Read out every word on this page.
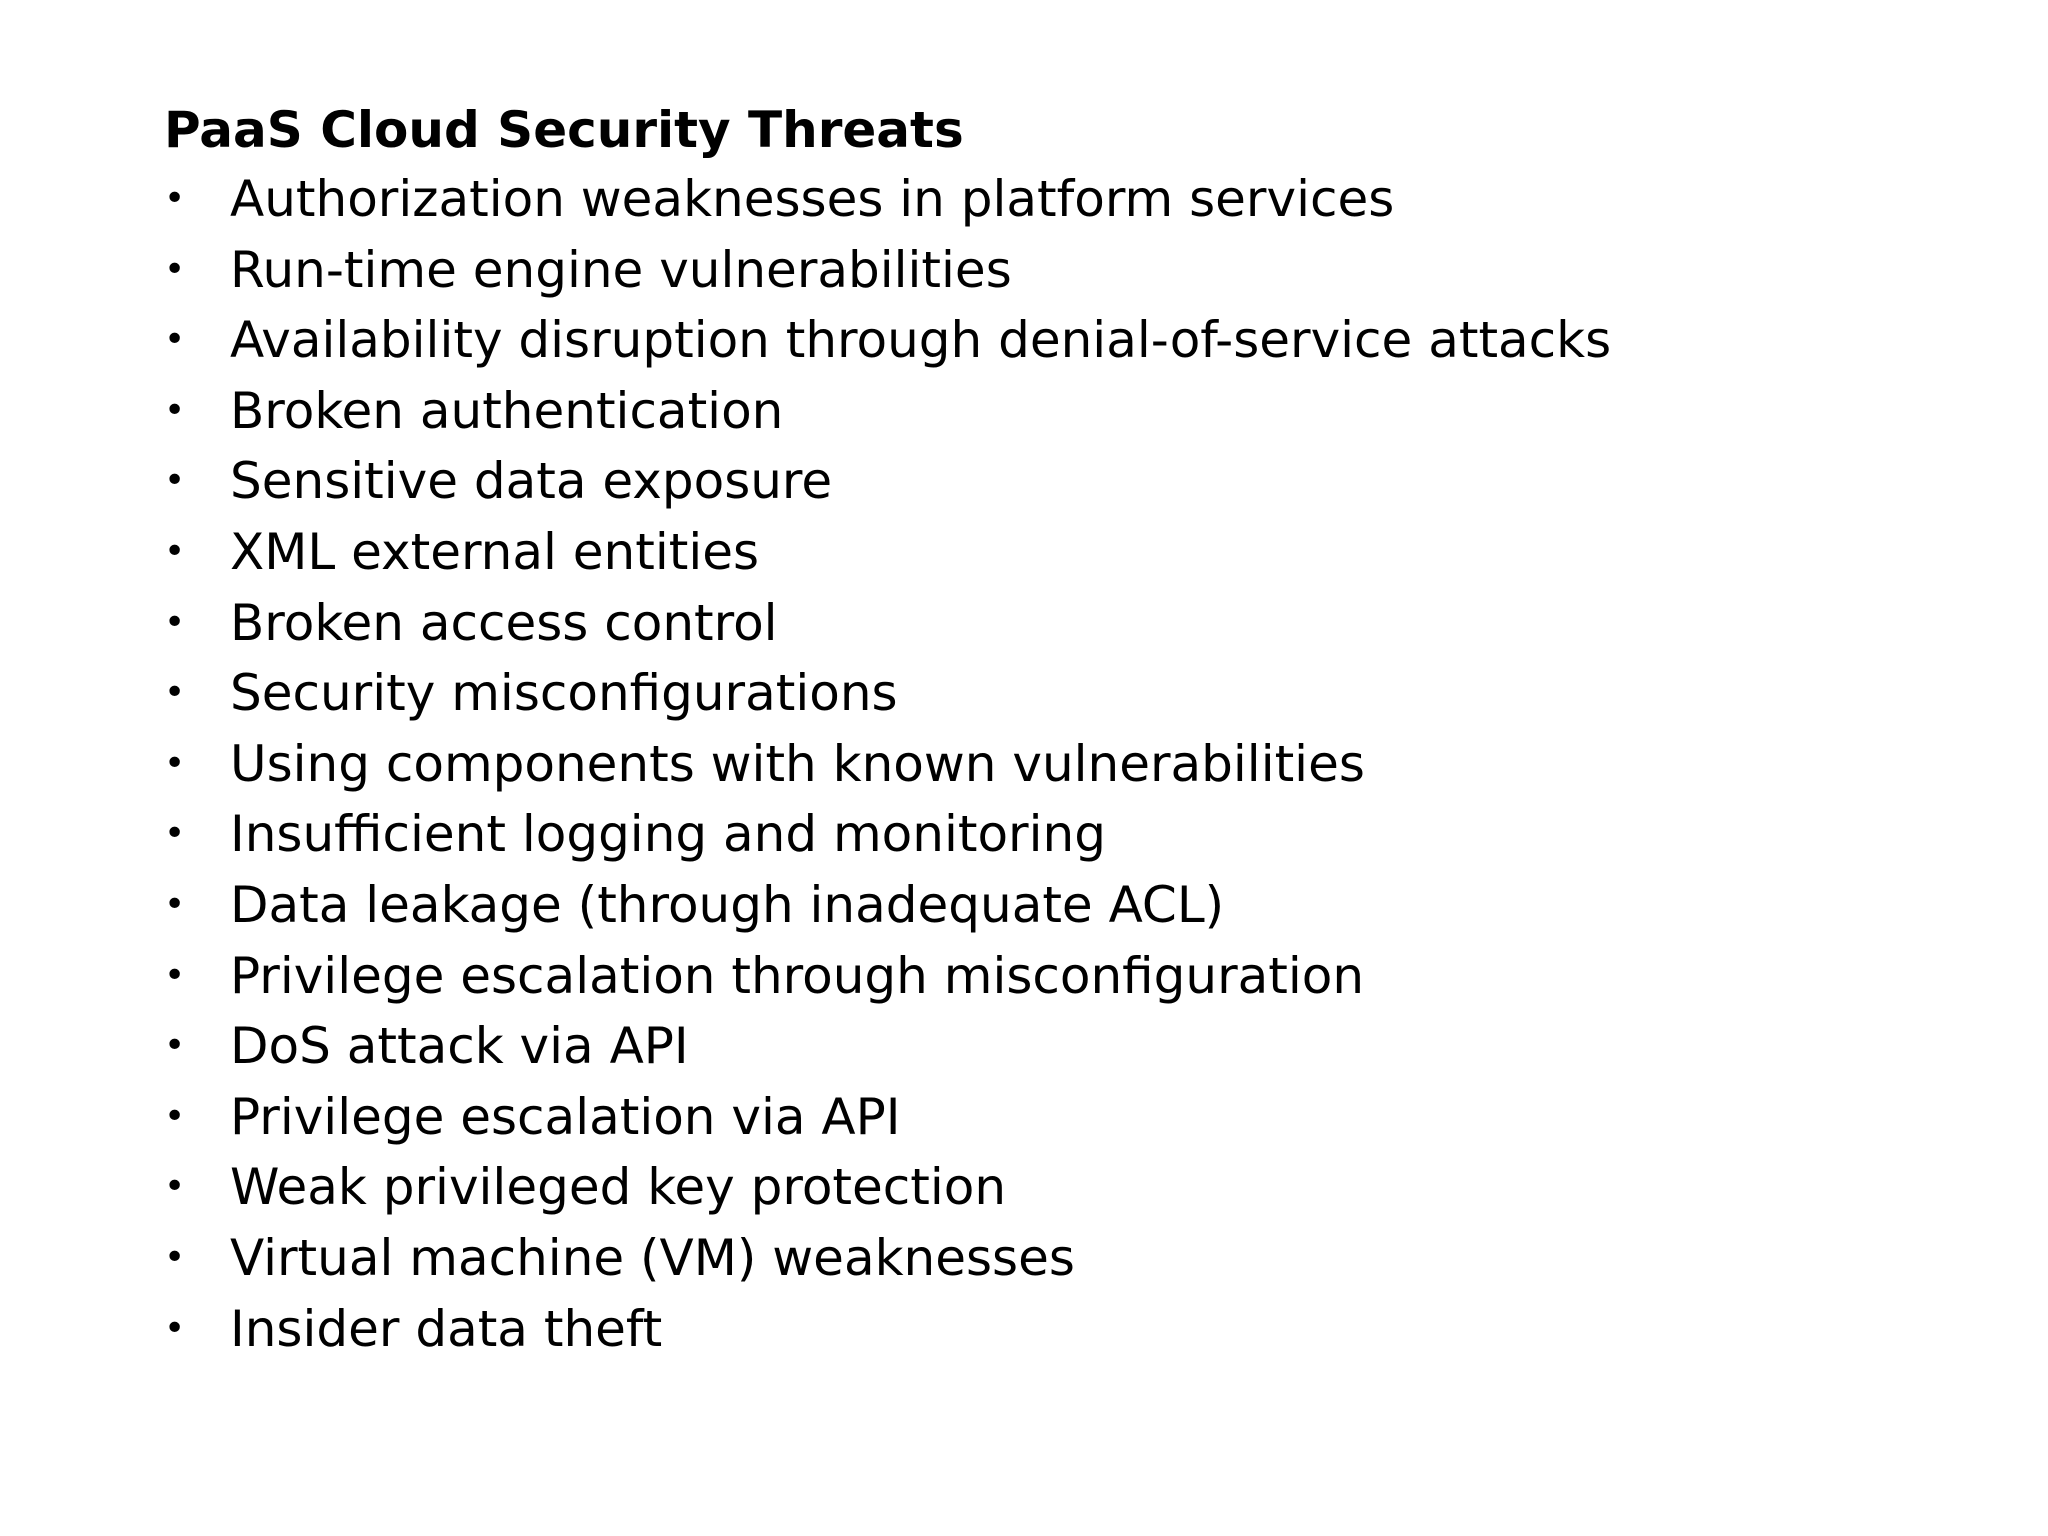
PaaS Cloud Security Threats
• Authorization weaknesses in platform services
• Run-time engine vulnerabilities
• Availability disruption through denial-of-service attacks
• Broken authentication
• Sensitive data exposure
• XML external entities
• Broken access control
• Security misconfigurations
• Using components with known vulnerabilities
• Insufficient logging and monitoring
• Data leakage (through inadequate ACL)
• Privilege escalation through misconfiguration
• DoS attack via API
• Privilege escalation via API
• Weak privileged key protection
• Virtual machine (VM) weaknesses
• Insider data theft
